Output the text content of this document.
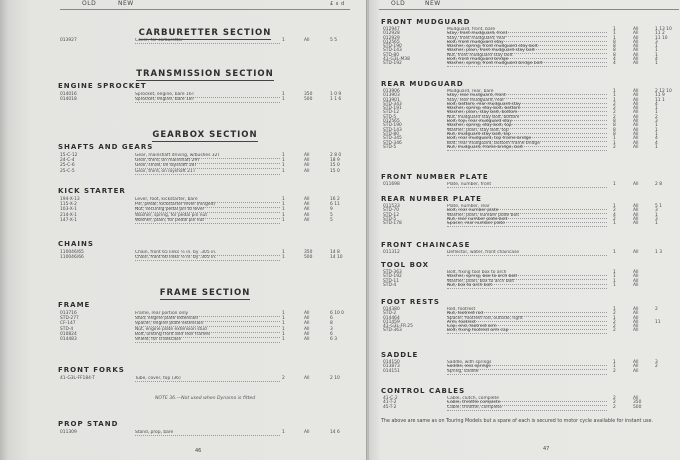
OLD	NEW	£ s d
CARBURETTER SECTION
013927	Cover, for carburetter	1	All	5 5
TRANSMISSION SECTION
ENGINE SPROCKET
014016	Sprocket, engine, bare 16T	1	350	1 0 9
014018	Sprocket, engine, bare 18T	1	500	1 1 6
GEARBOX SECTION
SHAFTS AND GEARS
15-C-12	Gear, mainshaft driving, w/bushes 32T	1	All	2 8 0
24-C-4	Gear, third, on mainshaft 29T	1	All	18 9
25-C-6	Gear, small, on layshaft 18T	1	All	15 0
25-C-5	Gear, third, on layshaft 21T	1	All	15 0
KICK STARTER
194-X-13	Lever, foot, kickstarter, bare	1	All	16 2
115-X-2	Pin, pedal, kickstarter lever (hinged)	1	All	6 11
103-X-1	Nut, securing pedal pin to lever	1	All	9
214-X-1	Washer, spring, for pedal pin nut	1	All	5
147-X-1	Washer, plain, for pedal pin nut	1	All	5
CHAINS
110046/65	Chain, front 65 links ½ in. by .305 in.	1	350	14 8
110046/66	Chain, front 66 links ½ in. by .305 in.	1	500	14 10
FRAME SECTION
FRAME
013716	Frame, rear portion only	1	All	6 10 0
STD-277	Stud, engine plate extension	1	All	6
CF-147	Spacer, engine plate extension	1	All	8
STD-4	Nut, engine plate extension stud	1	All	3
010824	Bolt, uniting front and rear frames	1	All	6
014483	Shield, for crankcase	1	All	6 3
FRONT FORKS
41-G3L-FF184-T	Tube, cover, top (36)	2	All	2 10
NOTE 36.—Not used when Dynamo is fitted
PROP STAND
011309	Stand, prop, bare	1	All	14 6
46
OLD	NEW
FRONT MUDGUARD
012947	Mudguard, front, bare	1	All	1 13 10
012928	Stay, front mudguard, front	1	All	11 2
012929	Stay, front mudguard, rear	1	All	11 10
012565	Bolt, front mudguard stay	8	All	3
STD-190	Washer, spring, front mudguard stay bolt	8	All	1
STD-143	Washer, plain, front mudguard stay bolt	8	All	1
STD-80	Nut, front mudguard stay bolt	8	All	1
41-G3L-M38	Bolt, front mudguard bridge	4	All	4
STD-192	Washer, spring, front mudguard bridge bolt	4	All	1
REAR MUDGUARD
013906	Mudguard, rear, bare	1	All	2 12 10
013903	Stay, rear mudguard, front	1	All	11 9
013901	Stay, rear mudguard, rear	1	All	11 1
STD-343	Bolt, bottom, rear mudguard stay	2	All	4
STD-191	Washer, spring, stay bolt, bottom	2	All	1
STD-12	Washer, plain, stay bolt, bottom	2	All	1
STD-5	Nut, mudguard stay bolt, bottom	2	All	2
012565	Bolt, top, rear mudguard stay	8	All	3
STD-190	Washer, spring, stay bolt, top	8	All	1
STD-143	Washer, plain, stay bolt, top	8	All	1
STD-80	Nut, mudguard stay bolt, top	8	All	1
STD-345	Bolt, rear mudguard, top frame bridge	1	All	4
STD-346	Bolt, rear mudguard, bottom frame bridge	1	All	4
STD-5	Nut, mudguard, frame bridge, bolt	2	All	1
FRONT NUMBER PLATE
011698	Plate, number, front	1	All	2 8
REAR NUMBER PLATE
011533	Plate, number, rear	1	All	5 1
STD-70	Bolt, rear number plate	2	All	3
STD-12	Washer, plain, number plate bolt	4	All	1
STD-5	Nut, rear number plate bolt	2	All	3
STD-178	Spacer, rear number plate	1	All	1
FRONT CHAINCASE
011312	Deflector, water, front chaincase	1	All	1 3
TOOL BOX
STD-363	Bolt, fixing tool box to arch	1	All
STD-192	Washer, spring, box to arch bolt	1	All
STD-11	Washer, plain, box to arch bolt	1	All
STD-4	Nut, box to arch bolt	1	All
FOOT RESTS
014380	Rod, footrest	1	All	2
STD-2	Nut, footrest rod	2	All
014464	Spacer, footrest rod, outside, right	1	All
011459	Arm, footrest	2	All	11
41-G3L-FR.25	Cap, end, footrest arm	2	All
STD-363	Bolt, fixing footrest arm cap	2	All
SADDLE
014150	Saddle, with springs	1	All	3
013873	Saddle, less springs	1	All	2
014151	Spring, saddle	2	All
CONTROL CABLES
41-C-2	Cable, clutch, complete	2	All
41-T-2	Cable, throttle complete	2	350
45-T-2	Cable, throttle, complete	2	500
The above are same as on Touring Models but a spare of each is secured to motor cycle available for instant use.
47
